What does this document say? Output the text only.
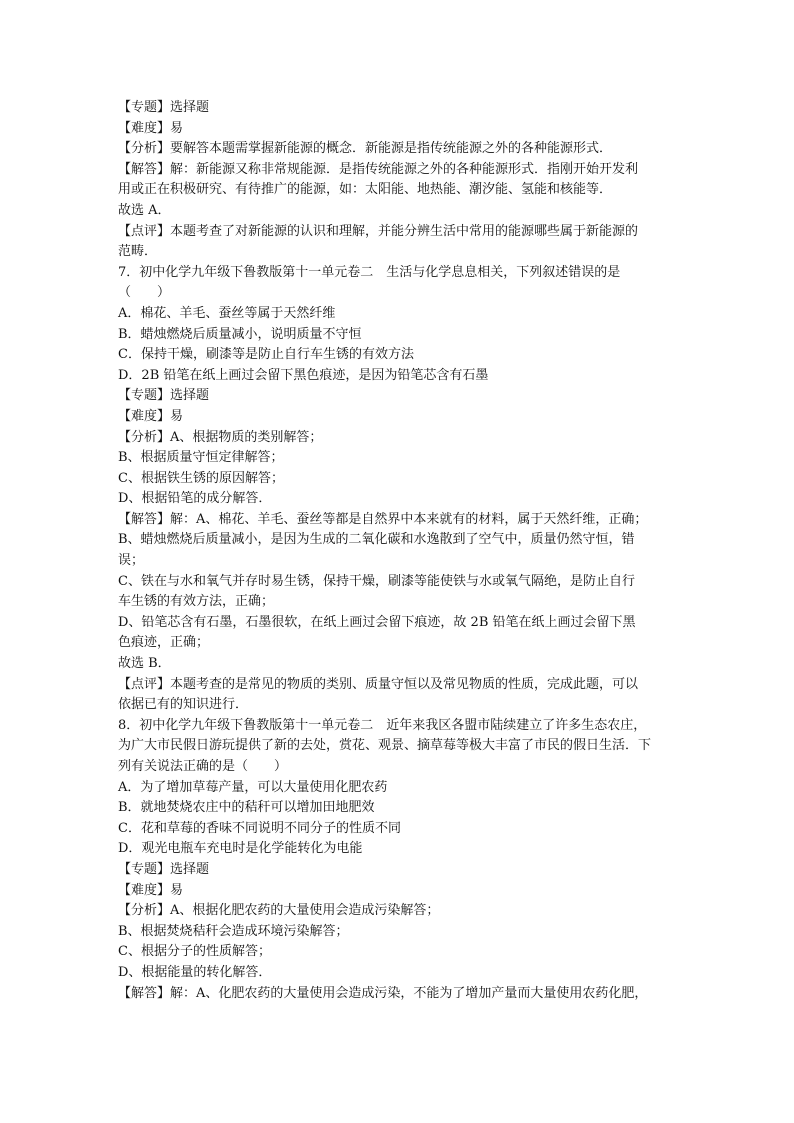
【专题】选择题
【难度】易
【分析】要解答本题需掌握新能源的概念．新能源是指传统能源之外的各种能源形式．
【解答】解：新能源又称非常规能源．是指传统能源之外的各种能源形式．指刚开始开发利
用或正在积极研究、有待推广的能源，如：太阳能、地热能、潮汐能、氢能和核能等．
故选 A．
【点评】本题考查了对新能源的认识和理解，并能分辨生活中常用的能源哪些属于新能源的
范畴．
7．初中化学九年级下鲁教版第十一单元卷二　生活与化学息息相关，下列叙述错误的是
（　　）
A．棉花、羊毛、蚕丝等属于天然纤维
B．蜡烛燃烧后质量减小，说明质量不守恒
C．保持干燥，刷漆等是防止自行车生锈的有效方法
D．2B 铅笔在纸上画过会留下黑色痕迹，是因为铅笔芯含有石墨
【专题】选择题
【难度】易
【分析】A、根据物质的类别解答；
B、根据质量守恒定律解答；
C、根据铁生锈的原因解答；
D、根据铅笔的成分解答．
【解答】解：A、棉花、羊毛、蚕丝等都是自然界中本来就有的材料，属于天然纤维，正确；
B、蜡烛燃烧后质量减小，是因为生成的二氧化碳和水逸散到了空气中，质量仍然守恒，错
误；
C、铁在与水和氧气并存时易生锈，保持干燥，刷漆等能使铁与水或氧气隔绝，是防止自行
车生锈的有效方法，正确；
D、铅笔芯含有石墨，石墨很软，在纸上画过会留下痕迹，故 2B 铅笔在纸上画过会留下黑
色痕迹，正确；
故选 B．
【点评】本题考查的是常见的物质的类别、质量守恒以及常见物质的性质，完成此题，可以
依据已有的知识进行．
8．初中化学九年级下鲁教版第十一单元卷二　近年来我区各盟市陆续建立了许多生态农庄，
为广大市民假日游玩提供了新的去处，赏花、观景、摘草莓等极大丰富了市民的假日生活．下
列有关说法正确的是（　　）
A．为了增加草莓产量，可以大量使用化肥农药
B．就地焚烧农庄中的秸秆可以增加田地肥效
C．花和草莓的香味不同说明不同分子的性质不同
D．观光电瓶车充电时是化学能转化为电能
【专题】选择题
【难度】易
【分析】A、根据化肥农药的大量使用会造成污染解答；
B、根据焚烧秸秆会造成环境污染解答；
C、根据分子的性质解答；
D、根据能量的转化解答．
【解答】解：A、化肥农药的大量使用会造成污染，不能为了增加产量而大量使用农药化肥，
